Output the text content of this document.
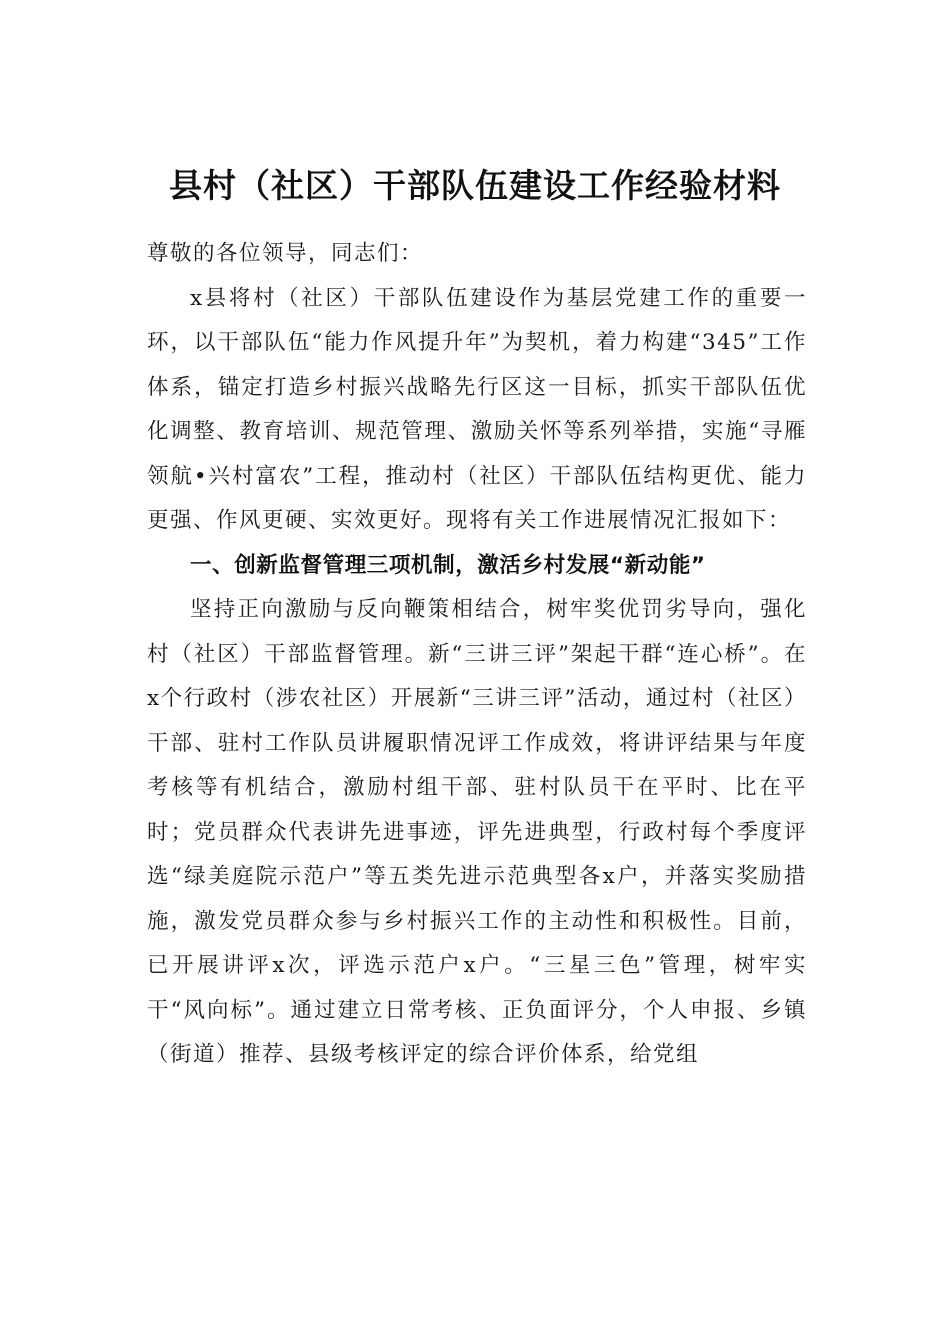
县村（社区）干部队伍建设工作经验材料

尊敬的各位领导，同志们：

x县将村（社区）干部队伍建设作为基层党建工作的重要一环，以干部队伍“能力作风提升年”为契机，着力构建“345”工作体系，锚定打造乡村振兴战略先行区这一目标，抓实干部队伍优化调整、教育培训、规范管理、激励关怀等系列举措，实施“寻雁领航•兴村富农”工程，推动村（社区）干部队伍结构更优、能力更强、作风更硬、实效更好。现将有关工作进展情况汇报如下：

一、创新监督管理三项机制，激活乡村发展“新动能”

坚持正向激励与反向鞭策相结合，树牢奖优罚劣导向，强化村（社区）干部监督管理。新“三讲三评”架起干群“连心桥”。在x个行政村（涉农社区）开展新“三讲三评”活动，通过村（社区）干部、驻村工作队员讲履职情况评工作成效，将讲评结果与年度考核等有机结合，激励村组干部、驻村队员干在平时、比在平时；党员群众代表讲先进事迹，评先进典型，行政村每个季度评选“绿美庭院示范户”等五类先进示范典型各x户，并落实奖励措施，激发党员群众参与乡村振兴工作的主动性和积极性。目前，已开展讲评x次，评选示范户x户。“三星三色”管理，树牢实干“风向标”。通过建立日常考核、正负面评分，个人申报、乡镇（街道）推荐、县级考核评定的综合评价体系，给党组
